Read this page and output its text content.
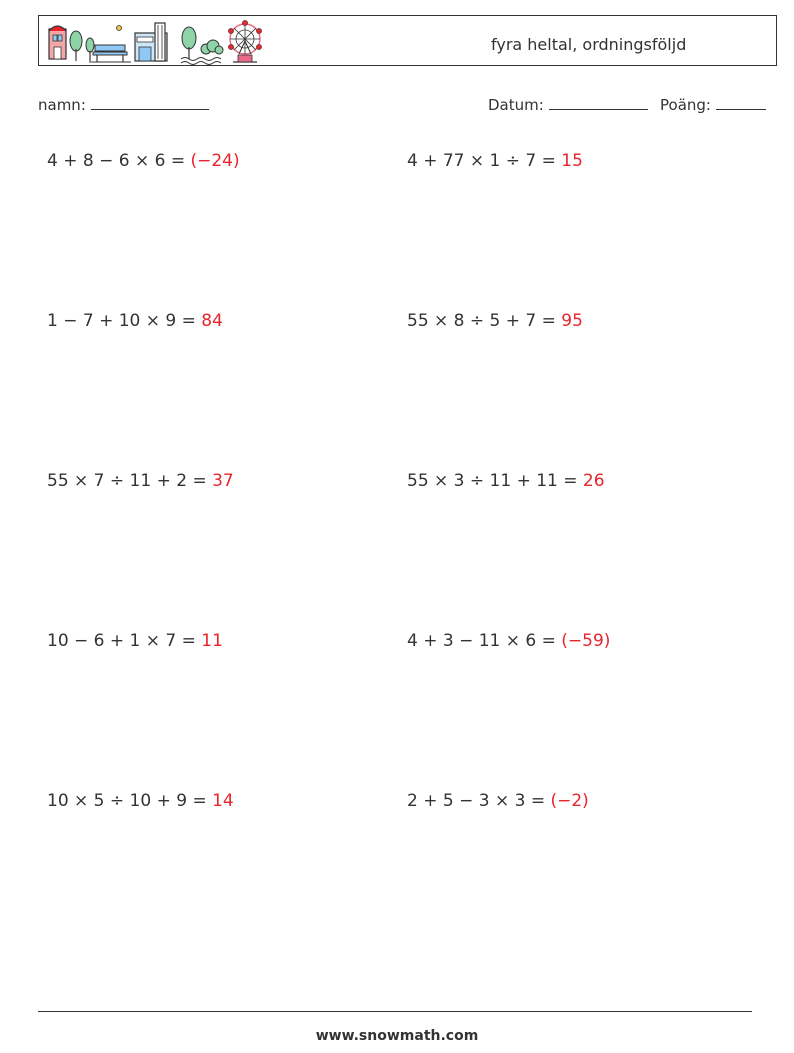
fyra heltal, ordningsföljd
namn:	Datum:	Poäng:
4 + 8 − 6 × 6 = (−24)	4 + 77 × 1 ÷ 7 = 15
1 − 7 + 10 × 9 = 84	55 × 8 ÷ 5 + 7 = 95
55 × 7 ÷ 11 + 2 = 37	55 × 3 ÷ 11 + 11 = 26
10 − 6 + 1 × 7 = 11	4 + 3 − 11 × 6 = (−59)
10 × 5 ÷ 10 + 9 = 14	2 + 5 − 3 × 3 = (−2)
www.snowmath.com
